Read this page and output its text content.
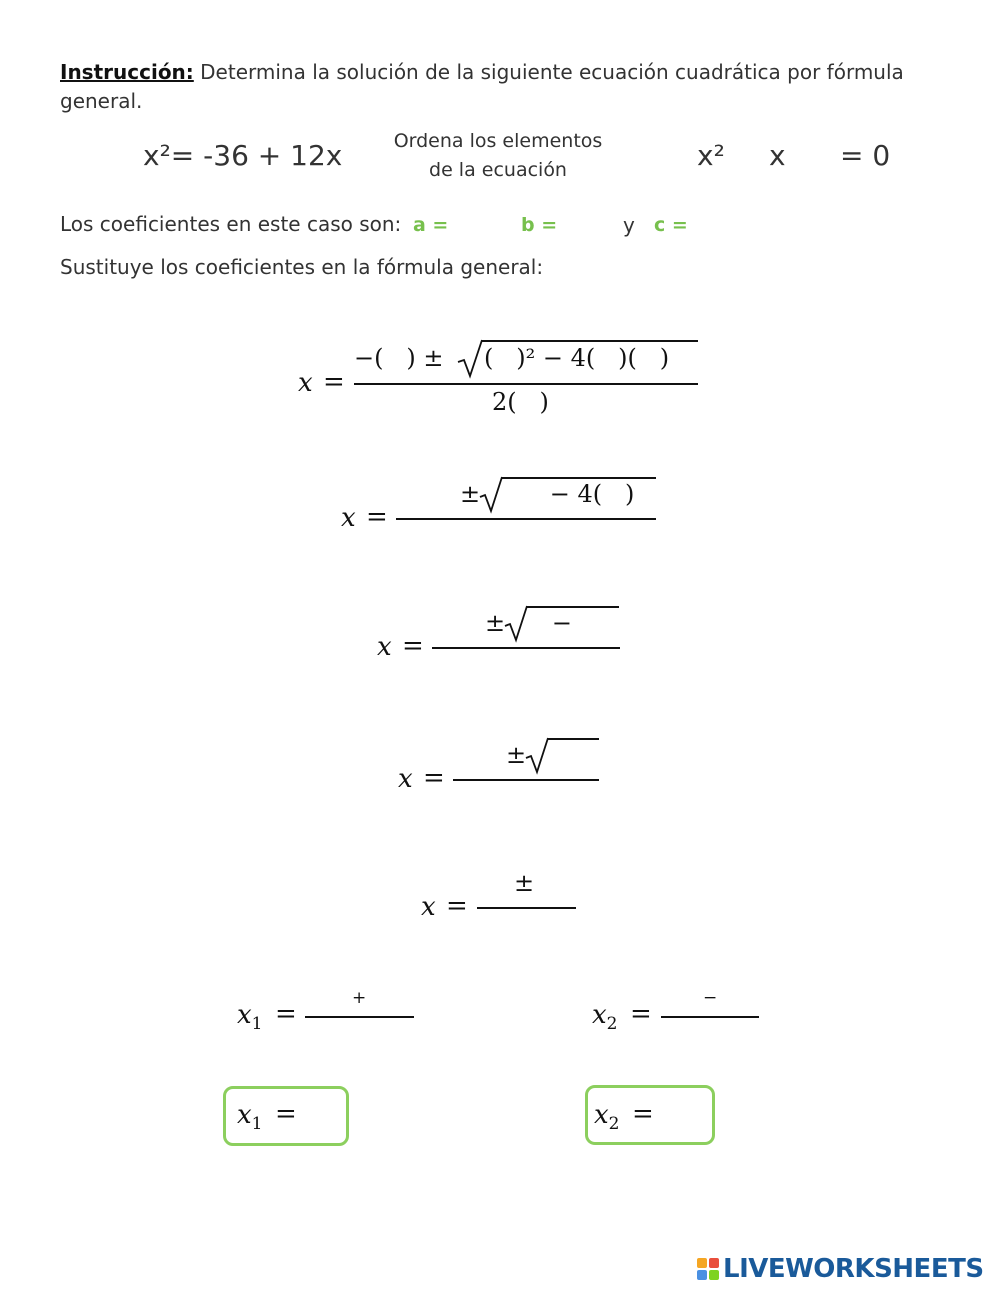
Instrucción: Determina la solución de la siguiente ecuación cuadrática por fórmula general.
x²= -36 + 12x	Ordena los elementos
de la ecuación	x² x = 0
Los coeficientes en este caso son: a =	b =	y c =
Sustituye los coeficientes en la fórmula general:
x =
−(   ) ± (   )² − 4(   )(   )
2(   )
x =
± − 4(   )
x =
± −
x =
±
x =
±
$x_1$ =
+
$x_2$ =
−
$x_1$ =	$x_2$ =
LIVEWORKSHEETS
